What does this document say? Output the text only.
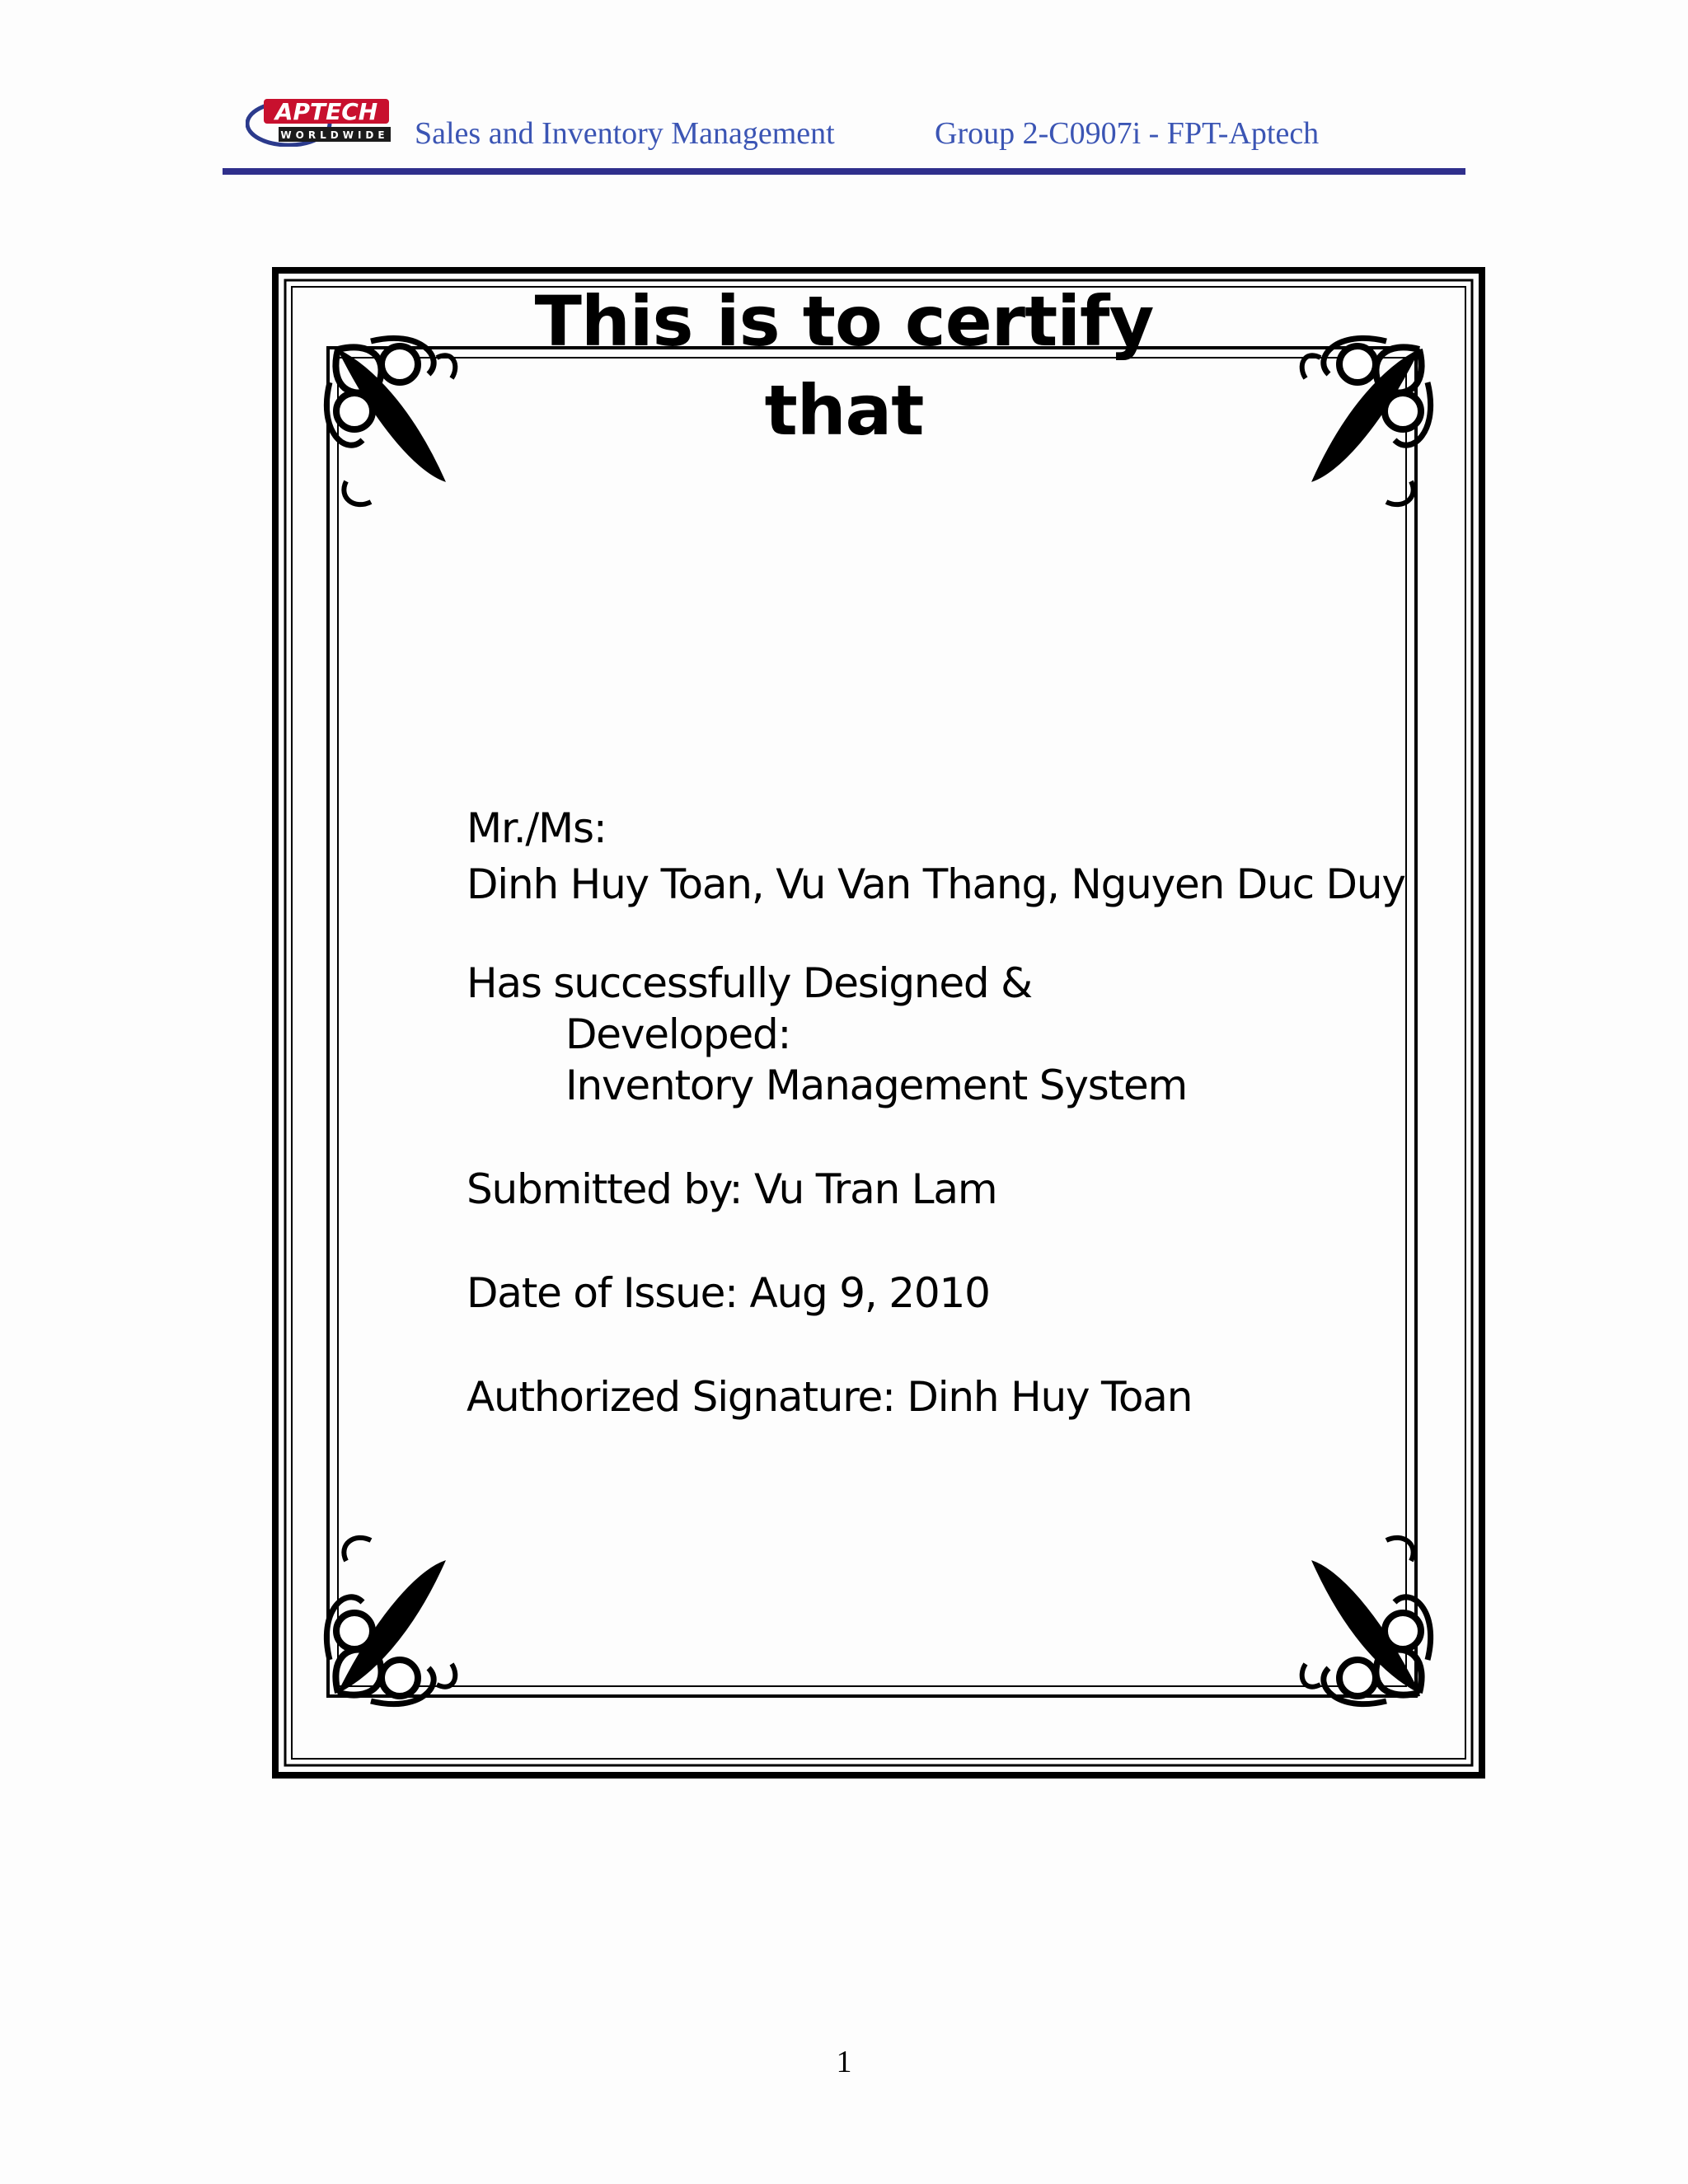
APTECH
WORLDWIDE Sales and Inventory Management	Group 2-C0907i - FPT-Aptech
This is to certify
that
Mr./Ms:
Dinh Huy Toan, Vu Van Thang, Nguyen Duc Duy
Has successfully Designed &
Developed:
Inventory Management System
Submitted by: Vu Tran Lam
Date of Issue: Aug 9, 2010
Authorized Signature: Dinh Huy Toan
1
